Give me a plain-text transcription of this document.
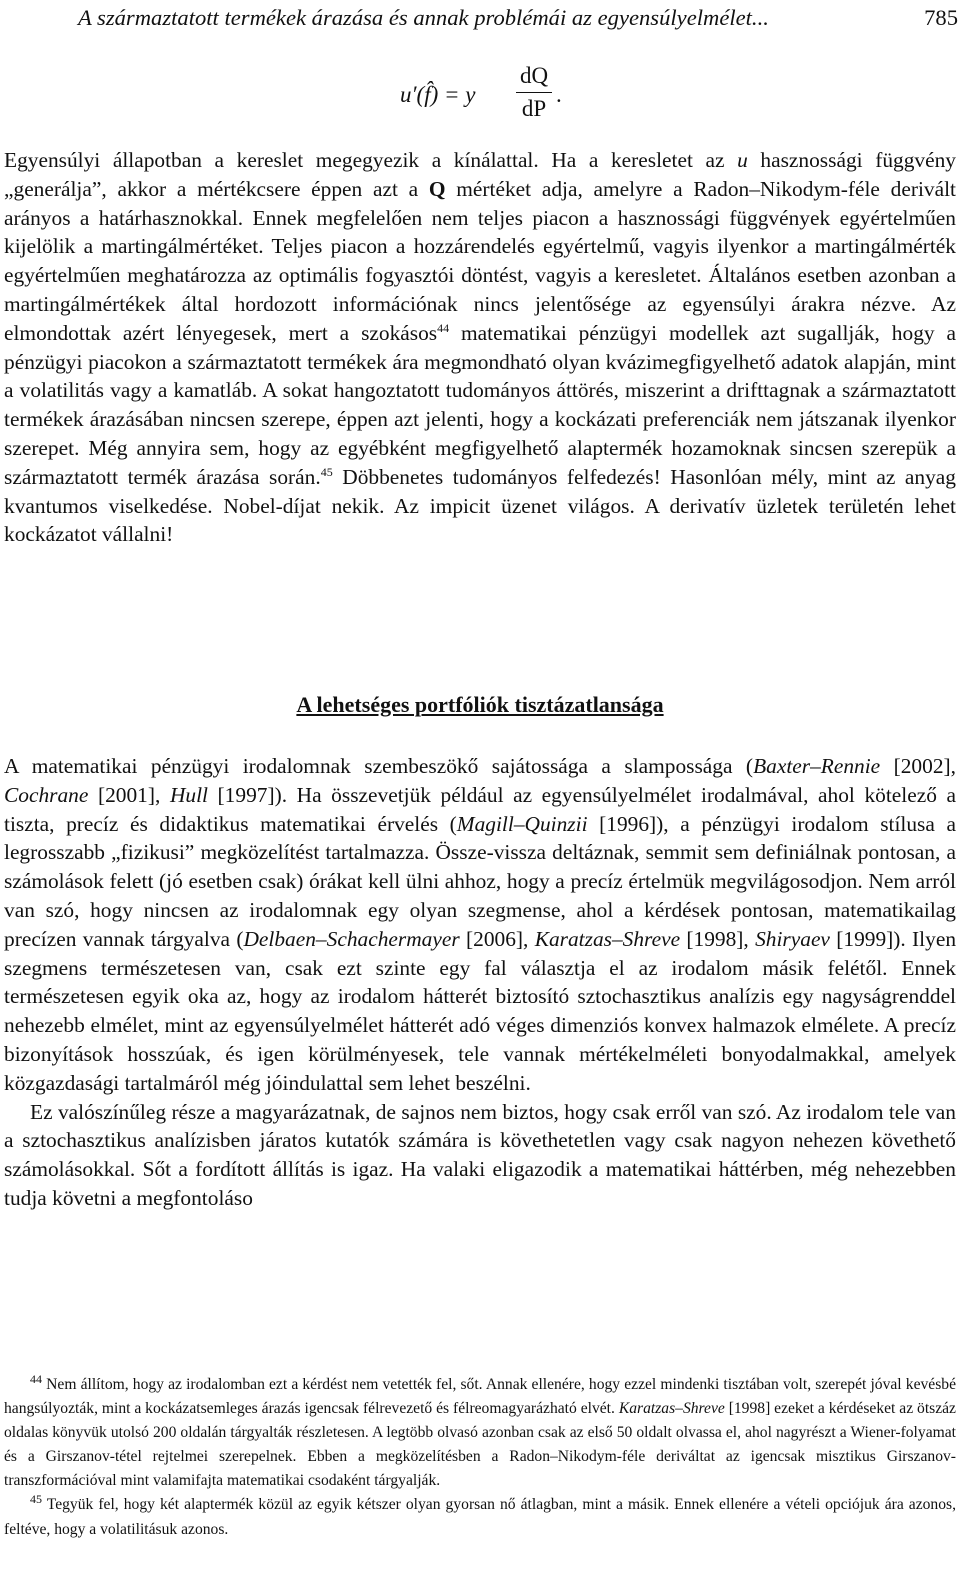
A származtatott termékek árazása és annak problémái az egyensúlyelmélet...	785
u′(f̂) = y
dQ
dP
.

Egyensúlyi állapotban a kereslet megegyezik a kínálattal. Ha a keresletet az u hasznossági függvény „generálja”, akkor a mértékcsere éppen azt a Q mértéket adja, amelyre a Radon–Nikodym-féle derivált arányos a határhasznokkal. Ennek megfelelően nem teljes piacon a hasznossági függvények egyértelműen kijelölik a martingálmértéket. Teljes piacon a hozzárendelés egyértelmű, vagyis ilyenkor a martingálmérték egyértelműen meghatározza az optimális fogyasztói döntést, vagyis a keresletet. Általános esetben azonban a martingálmértékek által hordozott információnak nincs jelentősége az egyensúlyi árakra nézve. Az elmondottak azért lényegesek, mert a szokásos$^{44}$ matematikai pénzügyi modellek azt sugallják, hogy a pénzügyi piacokon a származtatott termékek ára megmondható olyan kvázimegfigyelhető adatok alapján, mint a volatilitás vagy a kamatláb. A sokat hangoztatott tudományos áttörés, miszerint a drifttagnak a származtatott termékek árazásában nincsen szerepe, éppen azt jelenti, hogy a kockázati preferenciák nem játszanak ilyenkor szerepet. Még annyira sem, hogy az egyébként megfigyelhető alaptermék hozamoknak sincsen szerepük a származtatott termék árazása során.$^{45}$ Döbbenetes tudományos felfedezés! Hasonlóan mély, mint az anyag kvantumos viselkedése. Nobel-díjat nekik. Az impicit üzenet világos. A derivatív üzletek területén lehet kockázatot vállalni!

A lehetséges portfóliók tisztázatlansága

A matematikai pénzügyi irodalomnak szembeszökő sajátossága a slampossága (Baxter–Rennie [2002], Cochrane [2001], Hull [1997]). Ha összevetjük például az egyensúlyelmélet irodalmával, ahol kötelező a tiszta, precíz és didaktikus matematikai érvelés (Magill–Quinzii [1996]), a pénzügyi irodalom stílusa a legrosszabb „fizikusi” megközelítést tartalmazza. Össze-vissza deltáznak, semmit sem definiálnak pontosan, a számolások felett (jó esetben csak) órákat kell ülni ahhoz, hogy a precíz értelmük megvilágosodjon. Nem arról van szó, hogy nincsen az irodalomnak egy olyan szegmense, ahol a kérdések pontosan, matematikailag precízen vannak tárgyalva (Delbaen–Schachermayer [2006], Karatzas–Shreve [1998], Shiryaev [1999]). Ilyen szegmens természetesen van, csak ezt szinte egy fal választja el az irodalom másik felétől. Ennek természetesen egyik oka az, hogy az irodalom hátterét biztosító sztochasztikus analízis egy nagyságrenddel nehezebb elmélet, mint az egyensúlyelmélet hátterét adó véges dimenziós konvex halmazok elmélete. A precíz bizonyítások hosszúak, és igen körülményesek, tele vannak mértékelméleti bonyodalmakkal, amelyek közgazdasági tartalmáról még jóindulattal sem lehet beszélni.

Ez valószínűleg része a magyarázatnak, de sajnos nem biztos, hogy csak erről van szó. Az irodalom tele van a sztochasztikus analízisben járatos kutatók számára is követhetetlen vagy csak nagyon nehezen követhető számolásokkal. Sőt a fordított állítás is igaz. Ha valaki eligazodik a matematikai háttérben, még nehezebben tudja követni a megfontoláso

$^{44}$ Nem állítom, hogy az irodalomban ezt a kérdést nem vetették fel, sőt. Annak ellenére, hogy ezzel mindenki tisztában volt, szerepét jóval kevésbé hangsúlyozták, mint a kockázatsemleges árazás igencsak félrevezető és félreomagyarázható elvét. Karatzas–Shreve [1998] ezeket a kérdéseket az ötszáz oldalas könyvük utolsó 200 oldalán tárgyalták részletesen. A legtöbb olvasó azonban csak az első 50 oldalt olvassa el, ahol nagyrészt a Wiener-folyamat és a Girszanov-tétel rejtelmei szerepelnek. Ebben a megközelítésben a Radon–Nikodym-féle deriváltat az igencsak misztikus Girszanov-transzformációval mint valamifajta matematikai csodaként tárgyalják.

$^{45}$ Tegyük fel, hogy két alaptermék közül az egyik kétszer olyan gyorsan nő átlagban, mint a másik. Ennek ellenére a vételi opciójuk ára azonos, feltéve, hogy a volatilitásuk azonos.
